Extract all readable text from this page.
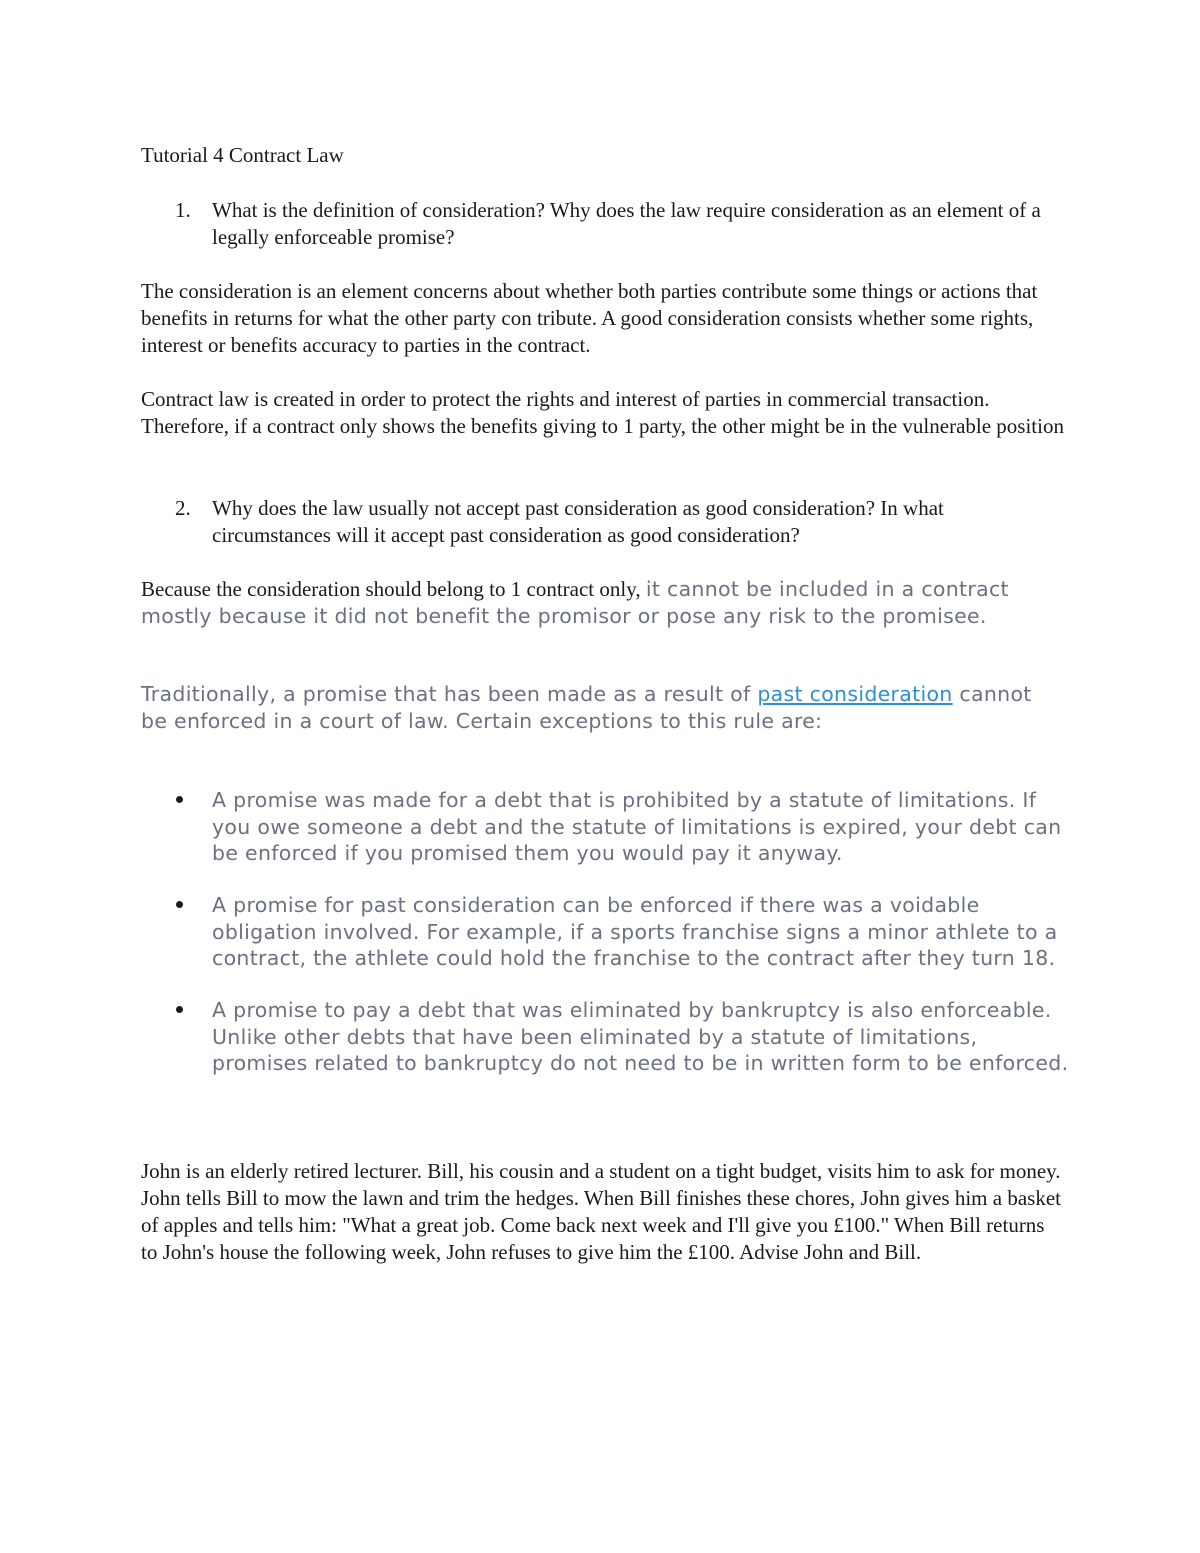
Tutorial 4 Contract Law
1. What is the definition of consideration? Why does the law require consideration as an element of a legally enforceable promise?

The consideration is an element concerns about whether both parties contribute some things or actions that benefits in returns for what the other party con tribute. A good consideration consists whether some rights, interest or benefits accuracy to parties in the contract.

Contract law is created in order to protect the rights and interest of parties in commercial transaction. Therefore, if a contract only shows the benefits giving to 1 party, the other might be in the vulnerable position

2. Why does the law usually not accept past consideration as good consideration? In what circumstances will it accept past consideration as good consideration?

Because the consideration should belong to 1 contract only, it cannot be included in a contract mostly because it did not benefit the promisor or pose any risk to the promisee.

Traditionally, a promise that has been made as a result of past consideration cannot be enforced in a court of law. Certain exceptions to this rule are:

A promise was made for a debt that is prohibited by a statute of limitations. If you owe someone a debt and the statute of limitations is expired, your debt can be enforced if you promised them you would pay it anyway.

A promise for past consideration can be enforced if there was a voidable obligation involved. For example, if a sports franchise signs a minor athlete to a contract, the athlete could hold the franchise to the contract after they turn 18.

A promise to pay a debt that was eliminated by bankruptcy is also enforceable. Unlike other debts that have been eliminated by a statute of limitations, promises related to bankruptcy do not need to be in written form to be enforced.

John is an elderly retired lecturer. Bill, his cousin and a student on a tight budget, visits him to ask for money. John tells Bill to mow the lawn and trim the hedges. When Bill finishes these chores, John gives him a basket of apples and tells him: "What a great job. Come back next week and I'll give you £100." When Bill returns to John's house the following week, John refuses to give him the £100. Advise John and Bill.
